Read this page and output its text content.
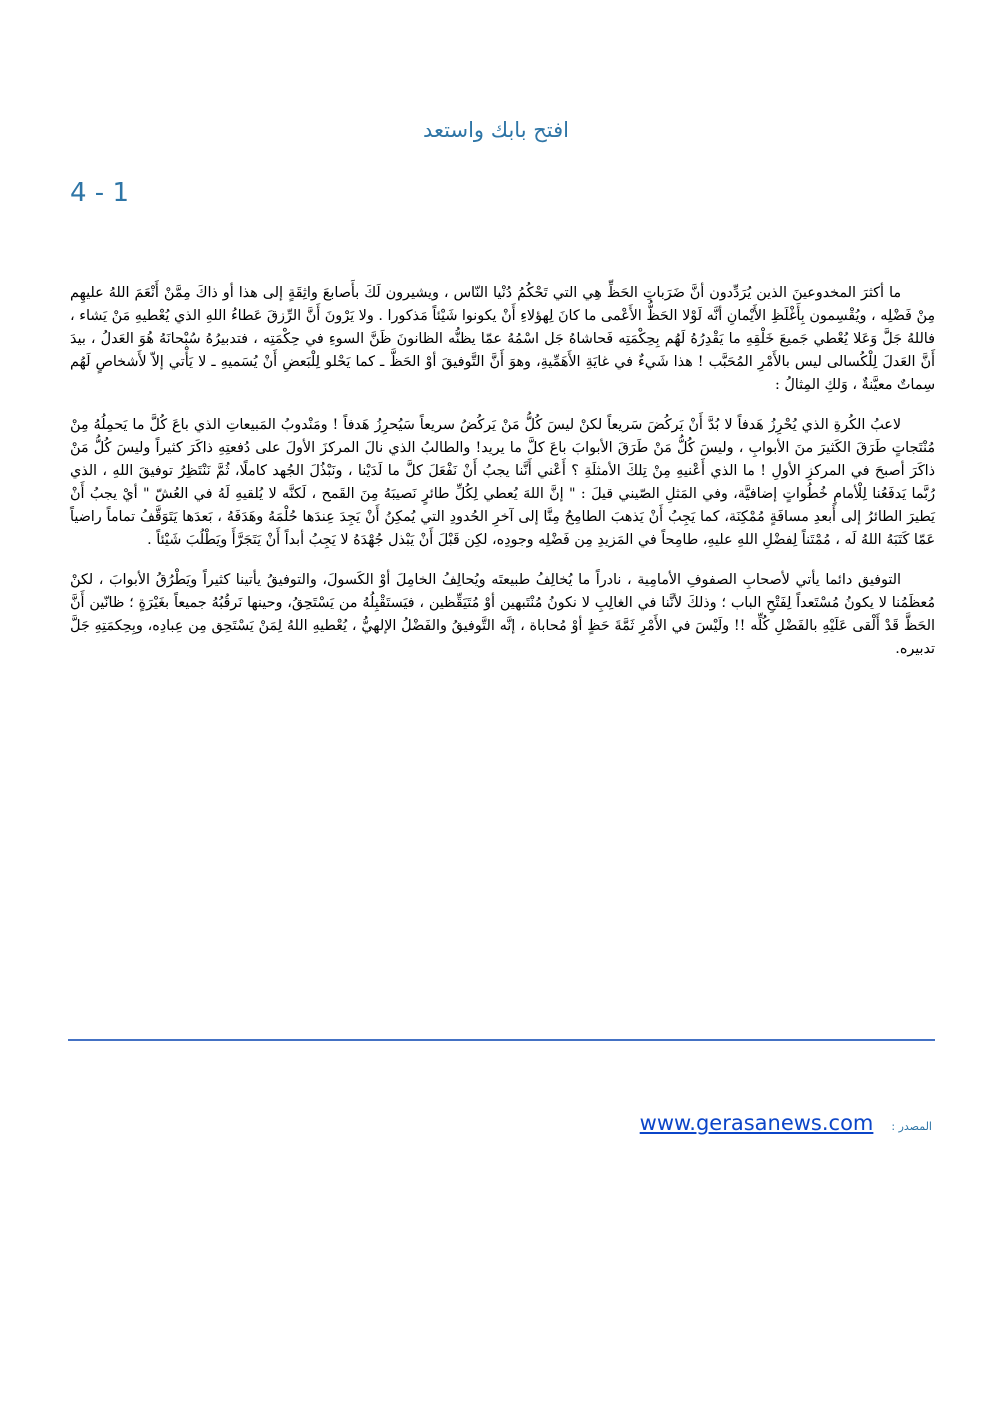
افتح بابك واستعد
4 - 1

ما أكثرَ المخدوعينَ الذين يُرَدِّدون أنَّ ضَرَباتِ الحَظِّ هِي التي تَحْكُمُ دُنْيا النّاس ، ويشيرون لَكَ بأَصابعَ واثِقَةٍ إلى هذا أو ذاكَ مِمَّنْ أَنْعَمَ اللهُ عليهِم مِنْ فَضْلِه ، ويُقْسِمون بِأَغْلَظِ الأَيْمانِ أنَّه لَوْلا الحَظُّ الأَعْمى ما كانَ لِهؤلاءِ أَنْ يكونوا شَيْئاً مَذكورا . ولا يَرْونَ أَنَّ الرِّزقَ عَطاءُ اللهِ الذي يُعْطيهِ مَنْ يَشاء ، فاللهُ جَلَّ وَعَلا يُعْطي جَميعَ خَلْقِهِ ما يَقْدِرُهُ لَهُم بِحِكْمَتِه فَحاشاهُ جَل اسْمُهُ عمّا يظنُّه الظانونَ ظَنَّ السوءِ في حِكْمَتِه ، فتدبيرُهُ سُبْحانَهُ هُوَ العَدلُ ، بيدَ أَنَّ العَدلَ لِلْكُسالى ليس بالأَمْرِ المُحَبَّب ! هذا شَيءٌ في غايَةِ الأَهَمِّيةِ، وهوَ أَنَّ التَّوفيقَ أوْ الحَظَّ ـ كما يَحْلو لِلْبَعضِ أَنْ يُسَميهِ ـ لا يَأْتي إلاّ لأَشخاصٍ لَهُم سِماتٌ معيَّنةٌ ، وَلكِ المِثالُ :

لاعبُ الكُرةِ الذي يُحْرِزُ هَدفاً لا بُدَّ أَنْ يَركُضَ سَريعاً لكنْ ليسَ كُلُّ مَنْ يَركُضُ سريعاً سَيُحرِزُ هَدفاً ! ومَنْدوبُ المَبيعاتِ الذي باعَ كُلَّ ما يَحمِلُهُ مِنْ مُنْتَجاتٍ طَرَقَ الكَثيرَ منَ الأبوابِ ، وليسَ كُلُّ مَنْ طَرَقَ الأبوابَ باعَ كلَّ ما يريد! والطالبُ الذي نالَ المركزَ الأولَ على دُفعتِهِ ذاكَرَ كثيراً وليسَ كُلُّ مَنْ ذاكَرَ أصبحَ في المركزِ الأولِ ! ما الذي أَعْنيهِ مِنْ تِلكَ الأمثلَةِ ؟ أَعْني أَنَّنا يجبُ أَنْ نَفْعَلَ كلَّ ما لَدَيْنا ، ونَبْذُلَ الجُهد كاملًا، ثُمَّ نَنْتَظِرُ توفيقَ اللهِ ، الذي رُبَّما يَدفَعُنا لِلْأمامِ خُطُواتٍ إضافيَّة، وفي المَثلِ الصّيني قيلَ : " إنَّ اللهَ يُعطي لِكُلِّ طائرٍ نَصيبَهُ مِنَ القَمح ، لَكنَّه لا يُلقيهِ لَهُ في العُشّ " أيْ يجبُ أَنْ يَطيرَ الطائرُ إلى أَبعدِ مسافَةٍ مُمْكِنَة، كما يَجِبُ أَنْ يَذهبَ الطامِحُ مِنَّا إلى آخرِ الحُدودِ التي يُمكِنُ أَنْ يَجِدَ عِندَها حُلْمَهُ وهَدَفَهُ ، بَعدَها يَتَوَقَّفُ تماماً راضياً عَمّا كَتَبَهُ اللهُ لَه ، مُمْتَناً لِفضْلِ اللهِ عليهِ، طامِحاً في المَزيدِ مِن فَضْلِه وجودِه، لكِن قَبْلَ أَنْ يَبْذل جُهْدَهُ لا يَجِبُ أبداً أَنْ يَتَجَرَّأَ ويَطْلُبَ شَيْئاً .

التوفيق دائما يأتي لأصحابِ الصفوفِ الأمامِية ، نادراً ما يُخالِفُ طبيعتَه ويُحالِفُ الخامِلَ أوْ الكَسولَ، والتوفيقُ يأتينا كثيراً ويَطْرُقُ الأبوابَ ، لكنْ مُعظَمُنا لا يكونُ مُسْتَعداً لِفَتْحِ الباب ؛ وذلكَ لأنَّنا في الغالِبِ لا نكونُ مُنْتَبهين أوْ مُتَيَقِّظين ، فيَستَقْبِلُهُ من يَسْتَحِقُ، وحينها نَرقُبُهُ جميعاً بغَيْرَةٍ ؛ ظانّين أَنَّ الحَظَّ قَدْ أَلْقى عَلَيْهِ بالفَضْلِ كُلِّه !! ولَيْسَ في الأَمْرِ ثَمَّةَ حَظٍ أوْ مُحاباة ، إنَّه التَّوفيقُ والفَضْلُ الإلهيُّ ، يُعْطيهِ اللهُ لِمَنْ يَسْتَحِق مِن عِبادِه، وبِحِكمَتِهِ جَلَّ تدبيره.

المصدر :
www.gerasanews.com
